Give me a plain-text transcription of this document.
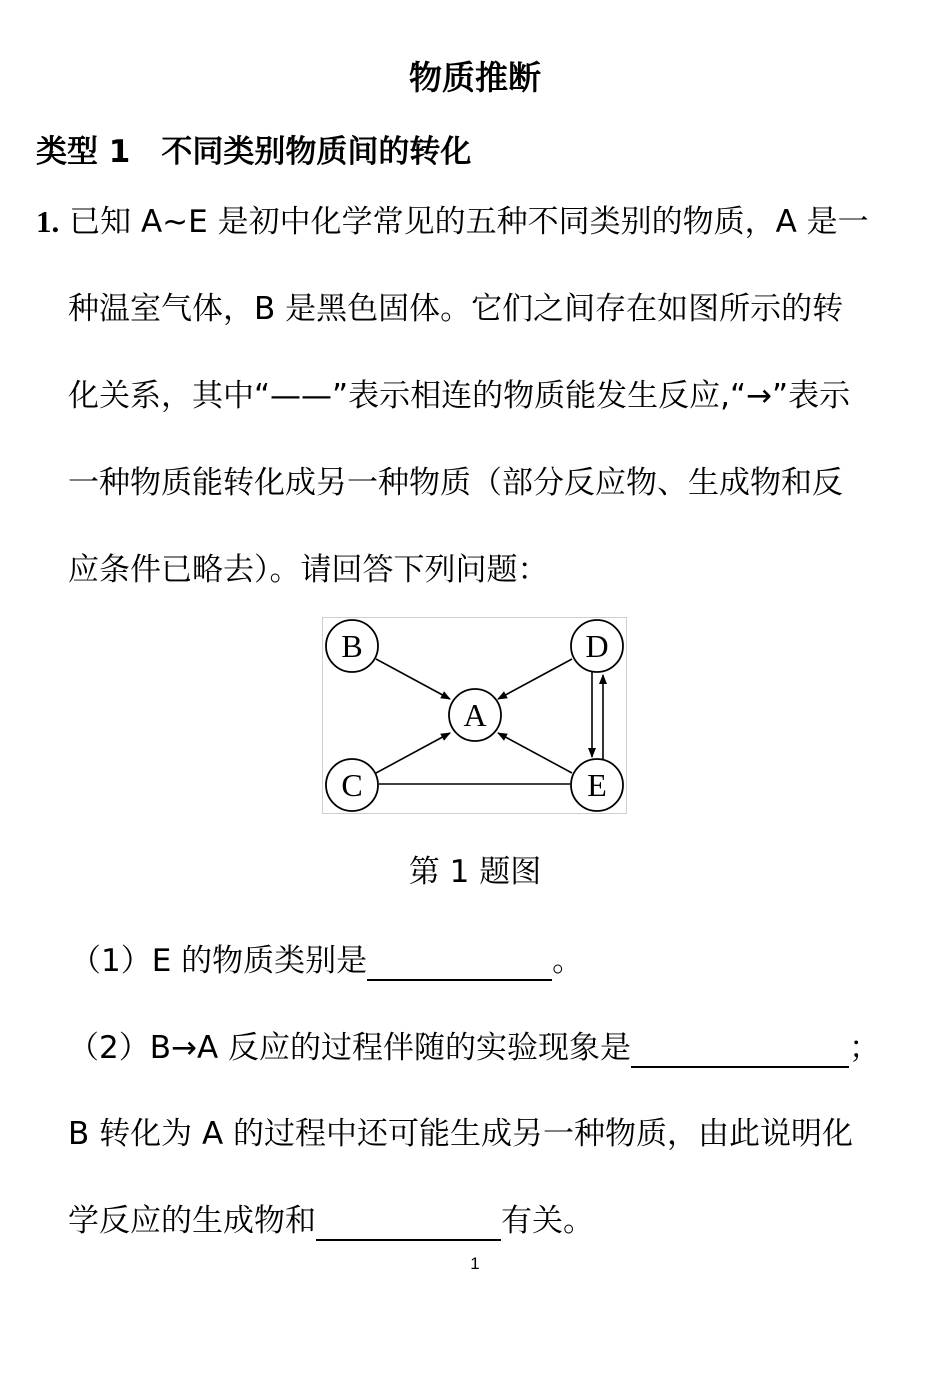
物质推断
类型 1　不同类别物质间的转化
1. 已知 A~E 是初中化学常见的五种不同类别的物质，A 是一
种温室气体，B 是黑色固体。它们之间存在如图所示的转
化关系，其中“——”表示相连的物质能发生反应,“→”表示
一种物质能转化成另一种物质（部分反应物、生成物和反
应条件已略去）。请回答下列问题：
B	D
A
C	E
第 1 题图
（1）E 的物质类别是	。
（2）B→A 反应的过程伴随的实验现象是	；
B 转化为 A 的过程中还可能生成另一种物质，由此说明化
学反应的生成物和	有关。
1
